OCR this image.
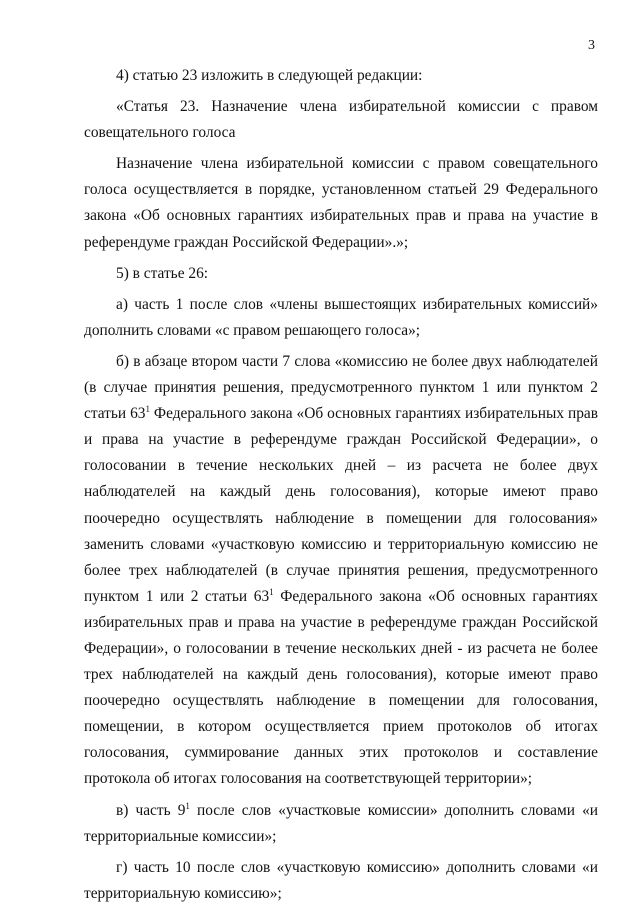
3

4) статью 23 изложить в следующей редакции:

«Статья 23. Назначение члена избирательной комиссии с правом совещательного голоса

Назначение члена избирательной комиссии с правом совещательного голоса осуществляется в порядке, установленном статьей 29 Федерального закона «Об основных гарантиях избирательных прав и права на участие в референдуме граждан Российской Федерации».»;

5) в статье 26:

а) часть 1 после слов «члены вышестоящих избирательных комиссий» дополнить словами «с правом решающего голоса»;

б) в абзаце втором части 7 слова «комиссию не более двух наблюдателей (в случае принятия решения, предусмотренного пунктом 1 или пунктом 2 статьи $63^1$ Федерального закона «Об основных гарантиях избирательных прав и права на участие в референдуме граждан Российской Федерации», о голосовании в течение нескольких дней – из расчета не более двух наблюдателей на каждый день голосования), которые имеют право поочередно осуществлять наблюдение в помещении для голосования» заменить словами «участковую комиссию и территориальную комиссию не более трех наблюдателей (в случае принятия решения, предусмотренного пунктом 1 или 2 статьи $63^1$ Федерального закона «Об основных гарантиях избирательных прав и права на участие в референдуме граждан Российской Федерации», о голосовании в течение нескольких дней - из расчета не более трех наблюдателей на каждый день голосования), которые имеют право поочередно осуществлять наблюдение в помещении для голосования, помещении, в котором осуществляется прием протоколов об итогах голосования, суммирование данных этих протоколов и составление протокола об итогах голосования на соответствующей территории»;

в) часть $9^1$ после слов «участковые комиссии» дополнить словами «и территориальные комиссии»;

г) часть 10 после слов «участковую комиссию» дополнить словами «и территориальную комиссию»;
